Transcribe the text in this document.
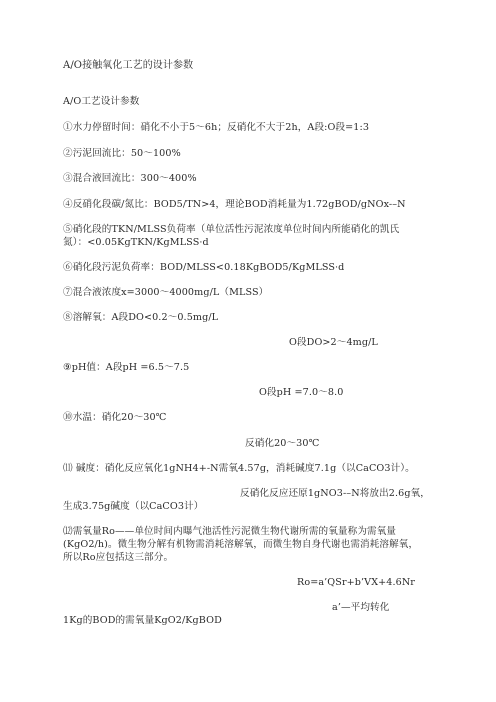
A/O接触氧化工艺的设计参数
A/O工艺设计参数
①水力停留时间：硝化不小于5～6h；反硝化不大于2h，A段:O段=1:3
②污泥回流比：50～100%
③混合液回流比：300～400%
④反硝化段碳/氮比：BOD5/TN>4，理论BOD消耗量为1.72gBOD/gNOx-–N
⑤硝化段的TKN/MLSS负荷率（单位活性污泥浓度单位时间内所能硝化的凯氏
氮）：<0.05KgTKN/KgMLSS·d
⑥硝化段污泥负荷率：BOD/MLSS<0.18KgBOD5/KgMLSS·d
⑦混合液浓度x=3000～4000mg/L（MLSS）
⑧溶解氧：A段DO<0.2～0.5mg/L
O段DO>2～4mg/L
⑨pH值：A段pH =6.5～7.5
O段pH =7.0～8.0
⑩水温：硝化20～30℃
反硝化20～30℃
⑾ 碱度：硝化反应氧化1gNH4+-N需氧4.57g，消耗碱度7.1g（以CaCO3计）。
反硝化反应还原1gNO3-–N将放出2.6g氧，
生成3.75g碱度（以CaCO3计）
⑿需氧量Ro——单位时间内曝气池活性污泥微生物代谢所需的氧量称为需氧量
(KgO2/h)。微生物分解有机物需消耗溶解氧，而微生物自身代谢也需消耗溶解氧，
所以Ro应包括这三部分。
Ro=a’QSr+b’VX+4.6Nr
a’—平均转化
1Kg的BOD的需氧量KgO2/KgBOD
